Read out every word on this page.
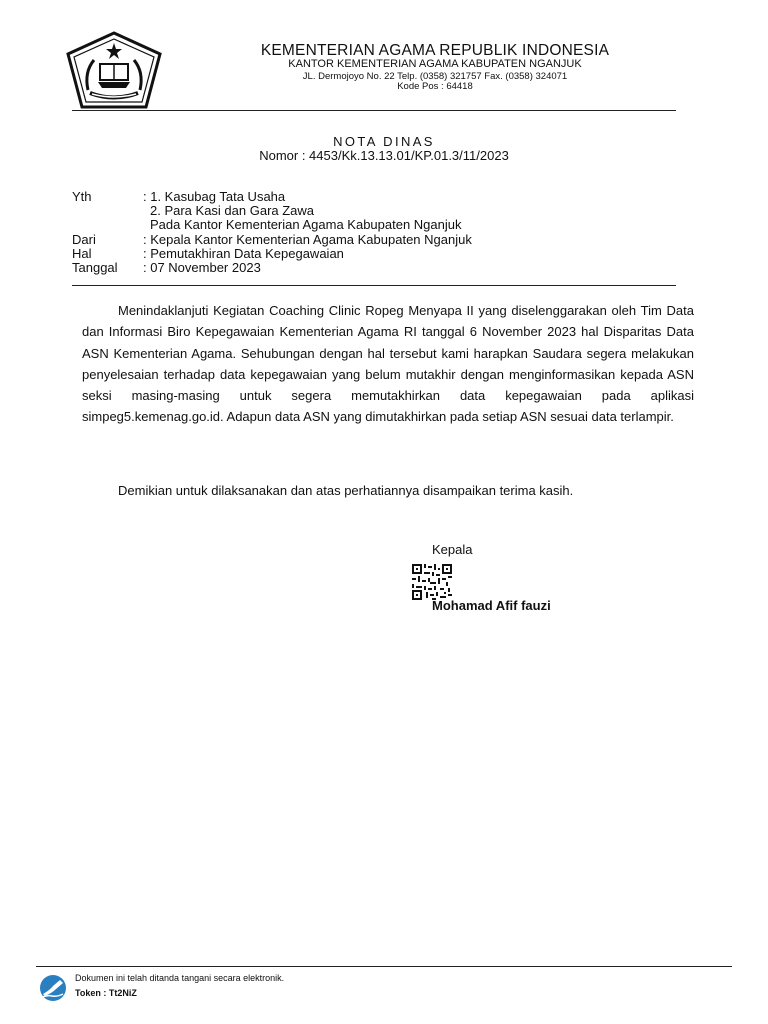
KEMENTERIAN AGAMA REPUBLIK INDONESIA
KANTOR KEMENTERIAN AGAMA KABUPATEN NGANJUK
JL. Dermojoyo No. 22 Telp. (0358) 321757 Fax. (0358) 324071
Kode Pos : 64418
NOTA DINAS
Nomor : 4453/Kk.13.13.01/KP.01.3/11/2023
Yth	: 1. Kasubag Tata Usaha
2. Para Kasi dan Gara Zawa
Pada Kantor Kementerian Agama Kabupaten Nganjuk
Dari	: Kepala Kantor Kementerian Agama Kabupaten Nganjuk
Hal	: Pemutakhiran Data Kepegawaian
Tanggal	: 07 November 2023

Menindaklanjuti Kegiatan Coaching Clinic Ropeg Menyapa II yang diselenggarakan oleh Tim Data dan Informasi Biro Kepegawaian Kementerian Agama RI tanggal 6 November 2023 hal Disparitas Data ASN Kementerian Agama. Sehubungan dengan hal tersebut kami harapkan Saudara segera melakukan penyelesaian terhadap data kepegawaian yang belum mutakhir dengan menginformasikan kepada ASN seksi masing-masing untuk segera memutakhirkan data kepegawaian pada aplikasi simpeg5.kemenag.go.id. Adapun data ASN yang dimutakhirkan pada setiap ASN sesuai data terlampir.

Demikian untuk dilaksanakan dan atas perhatiannya disampaikan terima kasih.
Kepala
Mohamad Afif fauzi
Dokumen ini telah ditanda tangani secara elektronik.
Token : Tt2NiZ
